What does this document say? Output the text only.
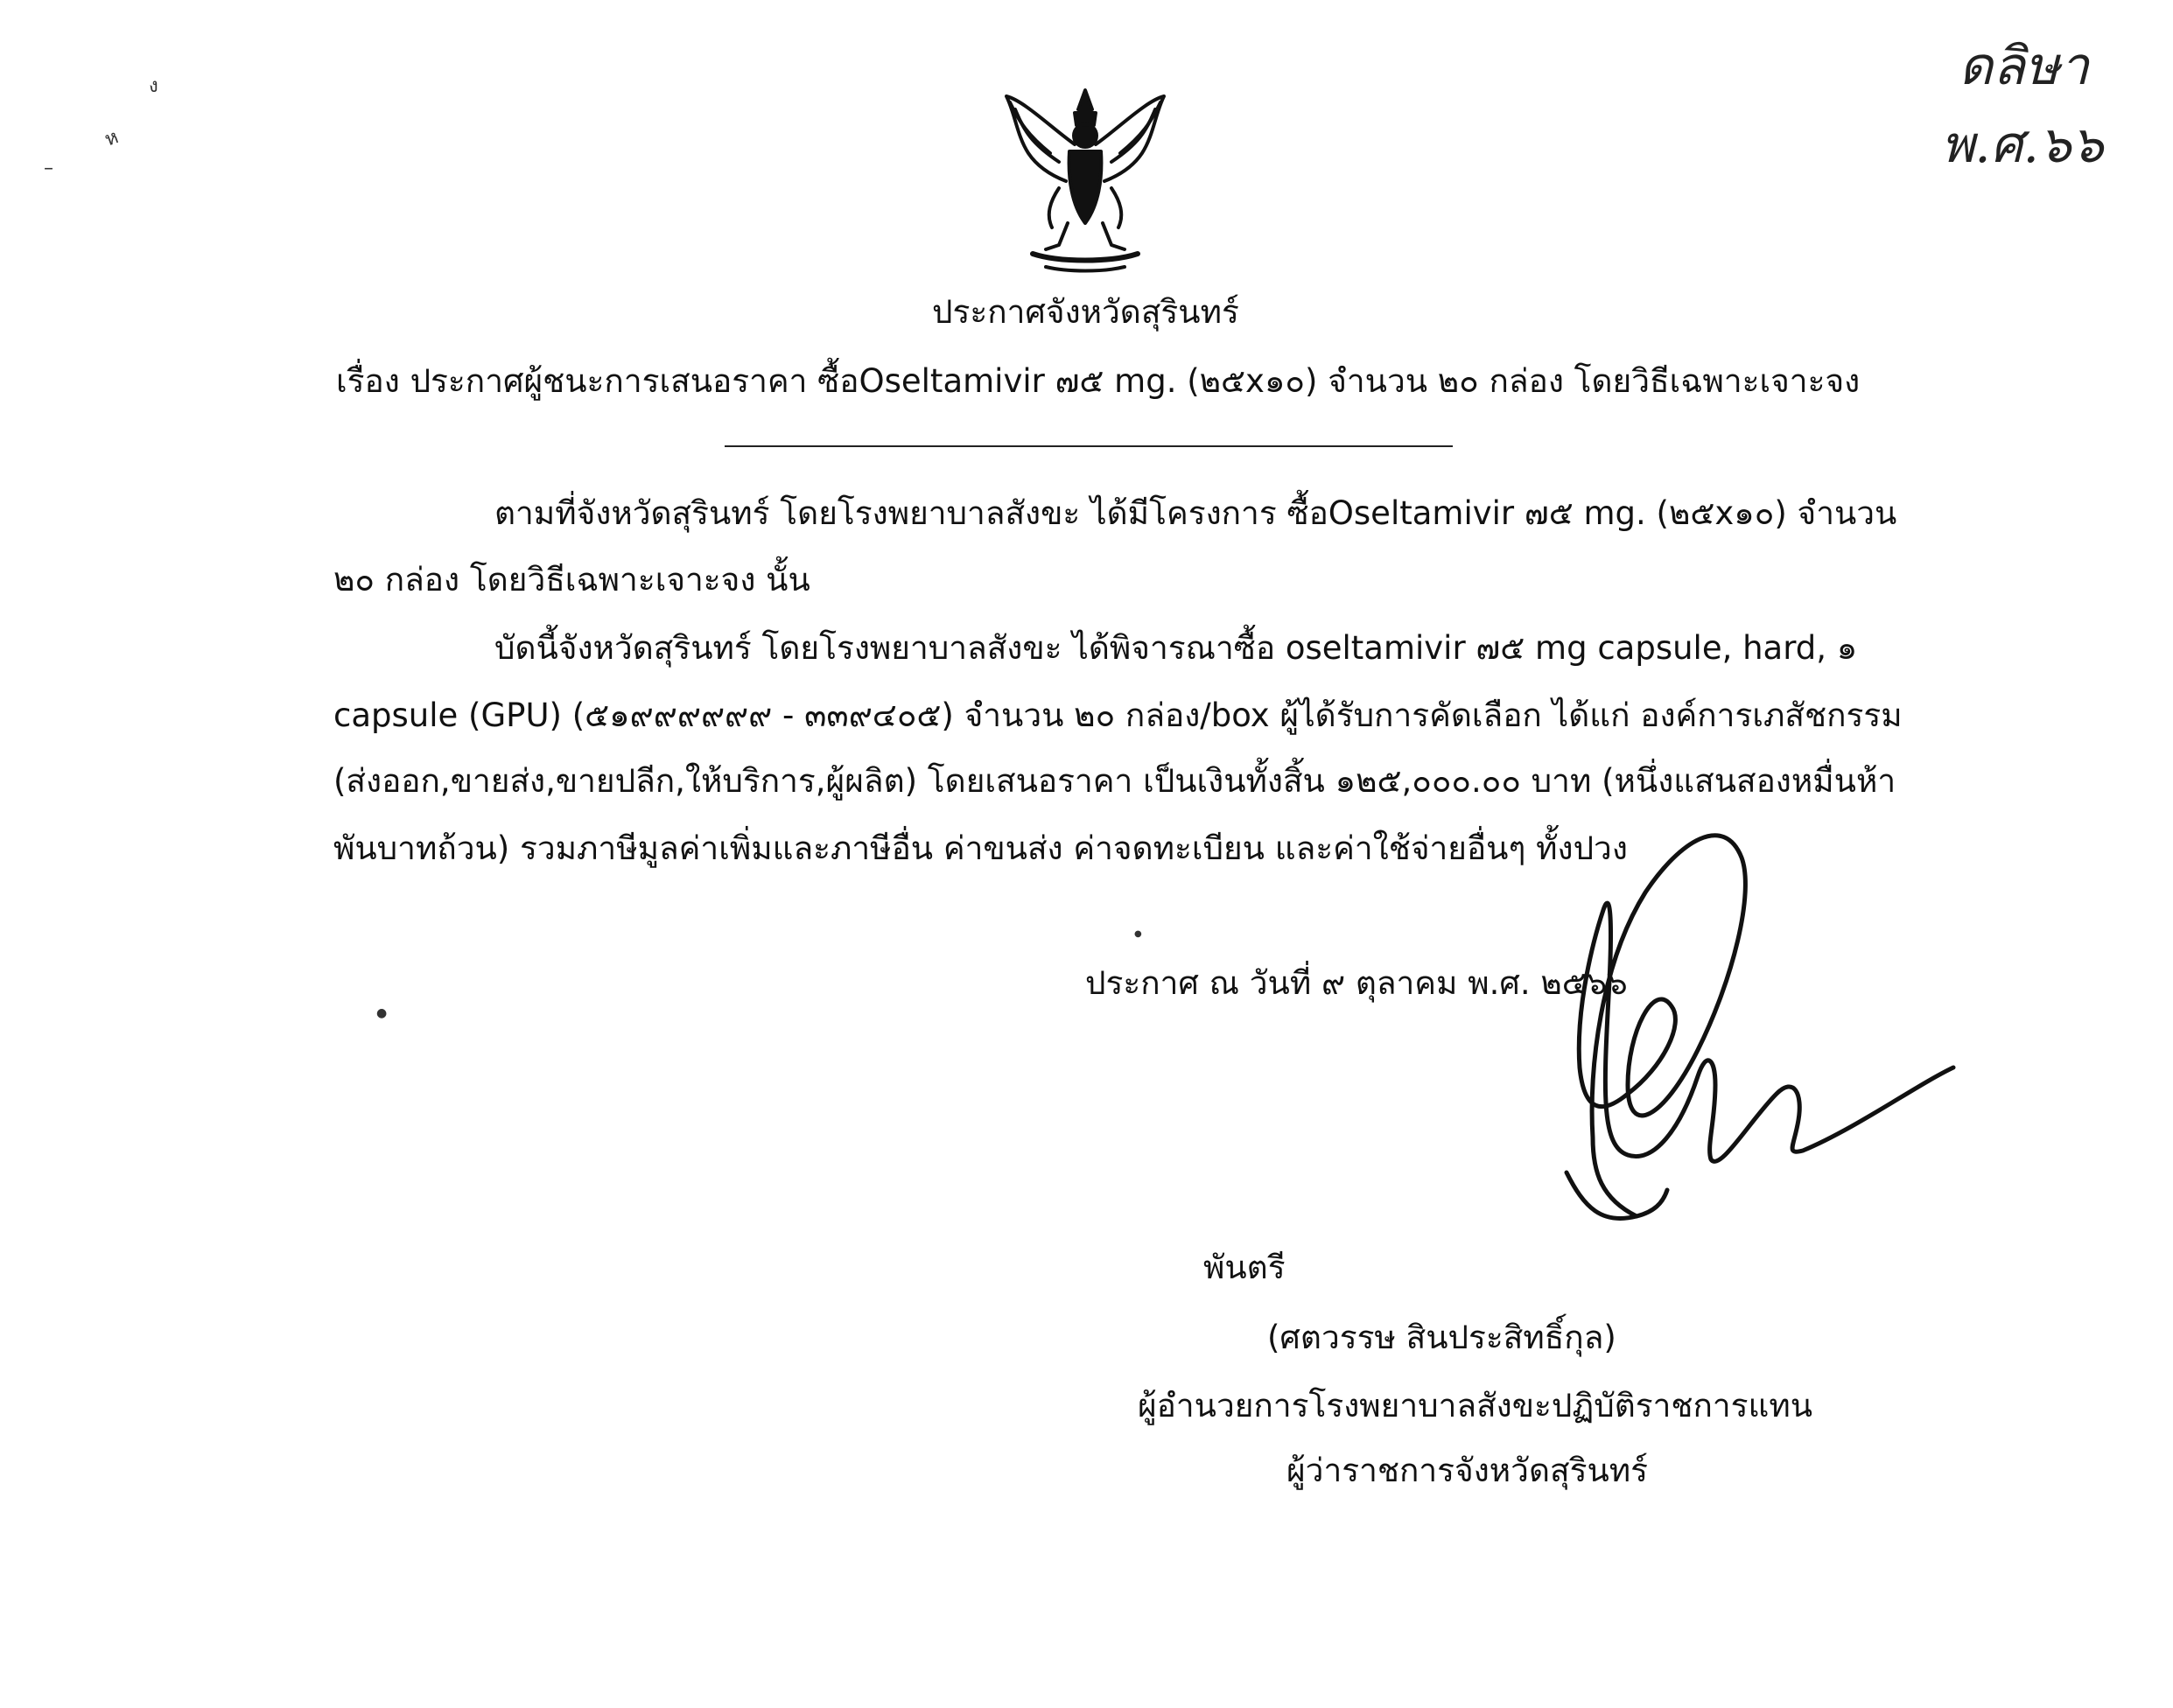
ง
ห
–
●
●
ดลิษา
พ.ศ.๖๖
ประกาศจังหวัดสุรินทร์
เรื่อง ประกาศผู้ชนะการเสนอราคา ซื้อOseltamivir ๗๕ mg. (๒๕x๑๐) จำนวน ๒๐ กล่อง โดยวิธีเฉพาะเจาะจง
ตามที่จังหวัดสุรินทร์ โดยโรงพยาบาลสังขะ ได้มีโครงการ ซื้อOseltamivir ๗๕ mg. (๒๕x๑๐) จำนวน
๒๐ กล่อง โดยวิธีเฉพาะเจาะจง นั้น
บัดนี้จังหวัดสุรินทร์ โดยโรงพยาบาลสังขะ ได้พิจารณาซื้อ oseltamivir ๗๕ mg capsule, hard, ๑
capsule (GPU) (๕๑๙๙๙๙๙๙ - ๓๓๙๔๐๕) จำนวน ๒๐ กล่อง/box ผู้ได้รับการคัดเลือก ได้แก่ องค์การเภสัชกรรม
(ส่งออก,ขายส่ง,ขายปลีก,ให้บริการ,ผู้ผลิต) โดยเสนอราคา เป็นเงินทั้งสิ้น ๑๒๕,๐๐๐.๐๐ บาท (หนึ่งแสนสองหมื่นห้า
พันบาทถ้วน) รวมภาษีมูลค่าเพิ่มและภาษีอื่น ค่าขนส่ง ค่าจดทะเบียน และค่าใช้จ่ายอื่นๆ ทั้งปวง
ประกาศ ณ วันที่ ๙ ตุลาคม พ.ศ. ๒๕๖๖
พันตรี
(ศตวรรษ สินประสิทธิ์กุล)
ผู้อำนวยการโรงพยาบาลสังขะปฏิบัติราชการแทน
ผู้ว่าราชการจังหวัดสุรินทร์
